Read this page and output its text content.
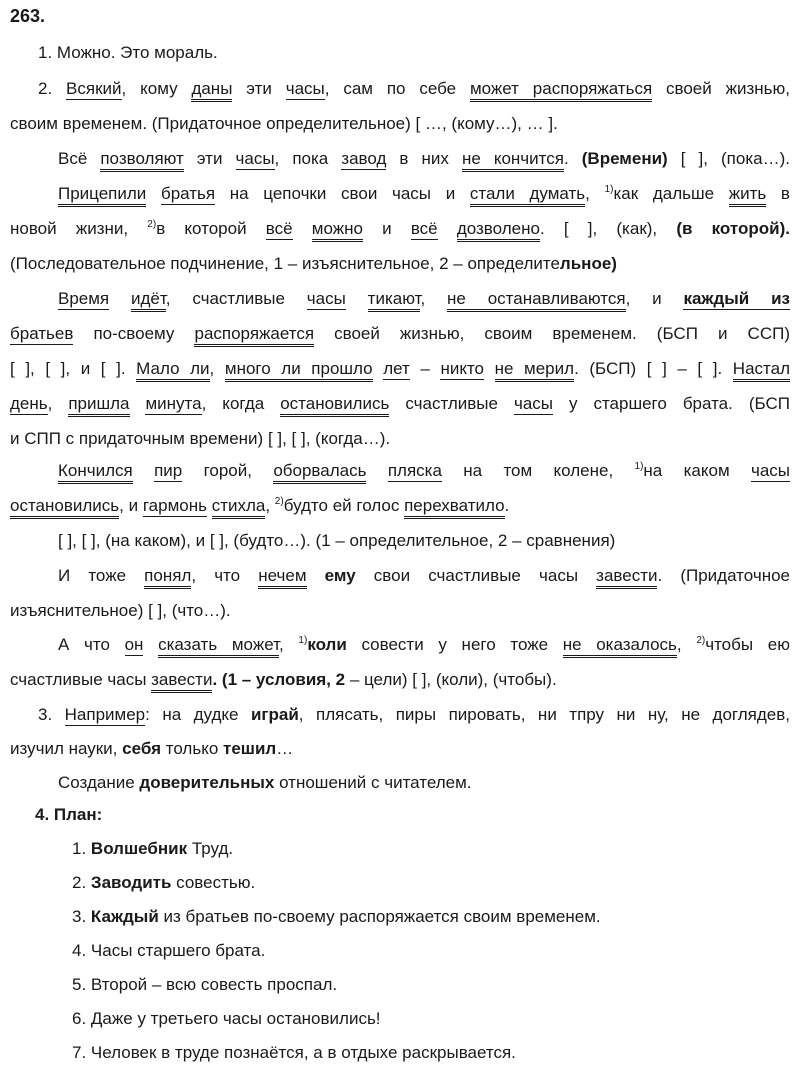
263.

1. Можно. Это мораль.

2. Всякий, кому даны эти часы, сам по себе может распоряжаться своей жизнью,

своим временем. (Придаточное определительное) [ …, (кому…), … ].

Всё позволяют эти часы, пока завод в них не кончится. (Времени) [ ], (пока…).

Прицепили братья на цепочки свои часы и стали думать, $^{1)}$как дальше жить в

новой жизни, $^{2)}$в которой всё можно и всё дозволено. [ ], (как), (в которой).

(Последовательное подчинение, 1 – изъяснительное, 2 – определительное)

Время идёт, счастливые часы тикают, не останавливаются, и каждый из

братьев по-своему распоряжается своей жизнью, своим временем. (БСП и ССП)

[ ], [ ], и [ ]. Мало ли, много ли прошло лет – никто не мерил. (БСП) [ ] – [ ]. Настал

день, пришла минута, когда остановились счастливые часы у старшего брата. (БСП

и СПП с придаточным времени) [ ], [ ], (когда…).

Кончился пир горой, оборвалась пляска на том колене, $^{1)}$на каком часы

остановились, и гармонь стихла, $^{2)}$будто ей голос перехватило.

[ ], [ ], (на каком), и [ ], (будто…). (1 – определительное, 2 – сравнения)

И тоже понял, что нечем ему свои счастливые часы завести. (Придаточное

изъяснительное) [ ], (что…).

А что он сказать может, $^{1)}$коли совести у него тоже не оказалось, $^{2)}$чтобы ею

счастливые часы завести. (1 – условия, 2 – цели) [ ], (коли), (чтобы).

3. Например: на дудке играй, плясать, пиры пировать, ни тпру ни ну, не доглядев,

изучил науки, себя только тешил…

Создание доверительных отношений с читателем.

4. План:

1. Волшебник Труд.

2. Заводить совестью.

3. Каждый из братьев по-своему распоряжается своим временем.

4. Часы старшего брата.

5. Второй – всю совесть проспал.

6. Даже у третьего часы остановились!

7. Человек в труде познаётся, а в отдыхе раскрывается.
